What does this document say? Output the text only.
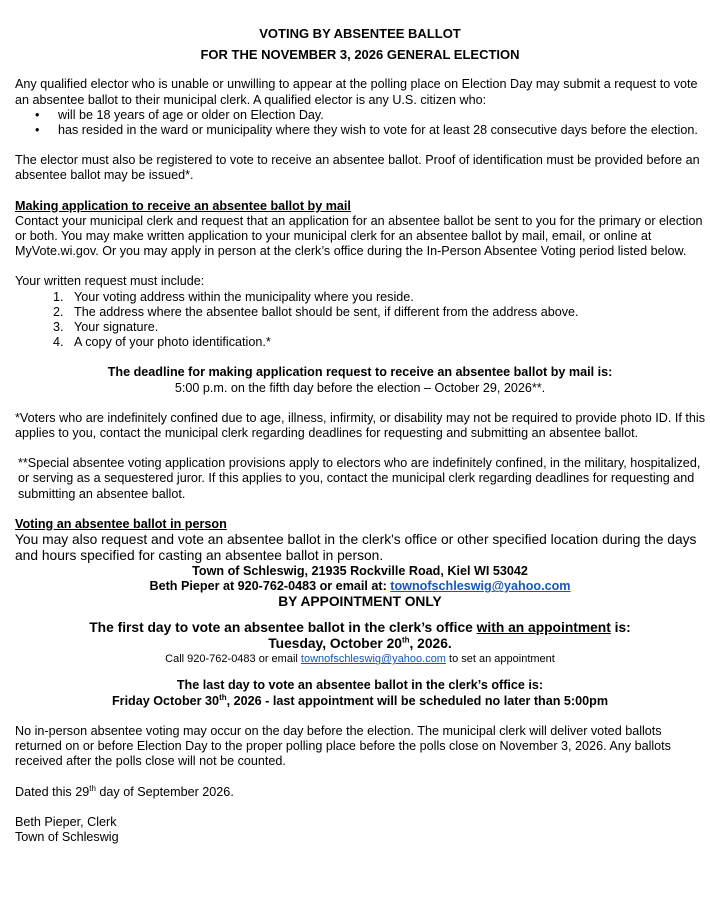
VOTING BY ABSENTEE BALLOT

FOR THE NOVEMBER 3, 2026 GENERAL ELECTION

Any qualified elector who is unable or unwilling to appear at the polling place on Election Day may submit a request to vote an absentee ballot to their municipal clerk. A qualified elector is any U.S. citizen who:

• will be 18 years of age or older on Election Day.
• has resided in the ward or municipality where they wish to vote for at least 28 consecutive days before the election.

The elector must also be registered to vote to receive an absentee ballot. Proof of identification must be provided before an absentee ballot may be issued*.

Making application to receive an absentee ballot by mail

Contact your municipal clerk and request that an application for an absentee ballot be sent to you for the primary or election or both. You may make written application to your municipal clerk for an absentee ballot by mail, email, or online at MyVote.wi.gov. Or you may apply in person at the clerk’s office during the In-Person Absentee Voting period listed below.

Your written request must include:

1. Your voting address within the municipality where you reside.
2. The address where the absentee ballot should be sent, if different from the address above.
3. Your signature.
4. A copy of your photo identification.*

The deadline for making application request to receive an absentee ballot by mail is:

5:00 p.m. on the fifth day before the election – October 29, 2026**.

*Voters who are indefinitely confined due to age, illness, infirmity, or disability may not be required to provide photo ID. If this applies to you, contact the municipal clerk regarding deadlines for requesting and submitting an absentee ballot.

**Special absentee voting application provisions apply to electors who are indefinitely confined, in the military, hospitalized, or serving as a sequestered juror. If this applies to you, contact the municipal clerk regarding deadlines for requesting and submitting an absentee ballot.

Voting an absentee ballot in person

You may also request and vote an absentee ballot in the clerk's office or other specified location during the days and hours specified for casting an absentee ballot in person.

Town of Schleswig, 21935 Rockville Road, Kiel WI 53042

Beth Pieper at 920-762-0483 or email at: townofschleswig@yahoo.com

BY APPOINTMENT ONLY

The first day to vote an absentee ballot in the clerk’s office with an appointment is:

Tuesday, October 20th, 2026.

Call 920-762-0483 or email townofschleswig@yahoo.com to set an appointment

The last day to vote an absentee ballot in the clerk’s office is:

Friday October 30th, 2026 - last appointment will be scheduled no later than 5:00pm

No in-person absentee voting may occur on the day before the election. The municipal clerk will deliver voted ballots returned on or before Election Day to the proper polling place before the polls close on November 3, 2026. Any ballots received after the polls close will not be counted.

Dated this 29th day of September 2026.

Beth Pieper, Clerk

Town of Schleswig
